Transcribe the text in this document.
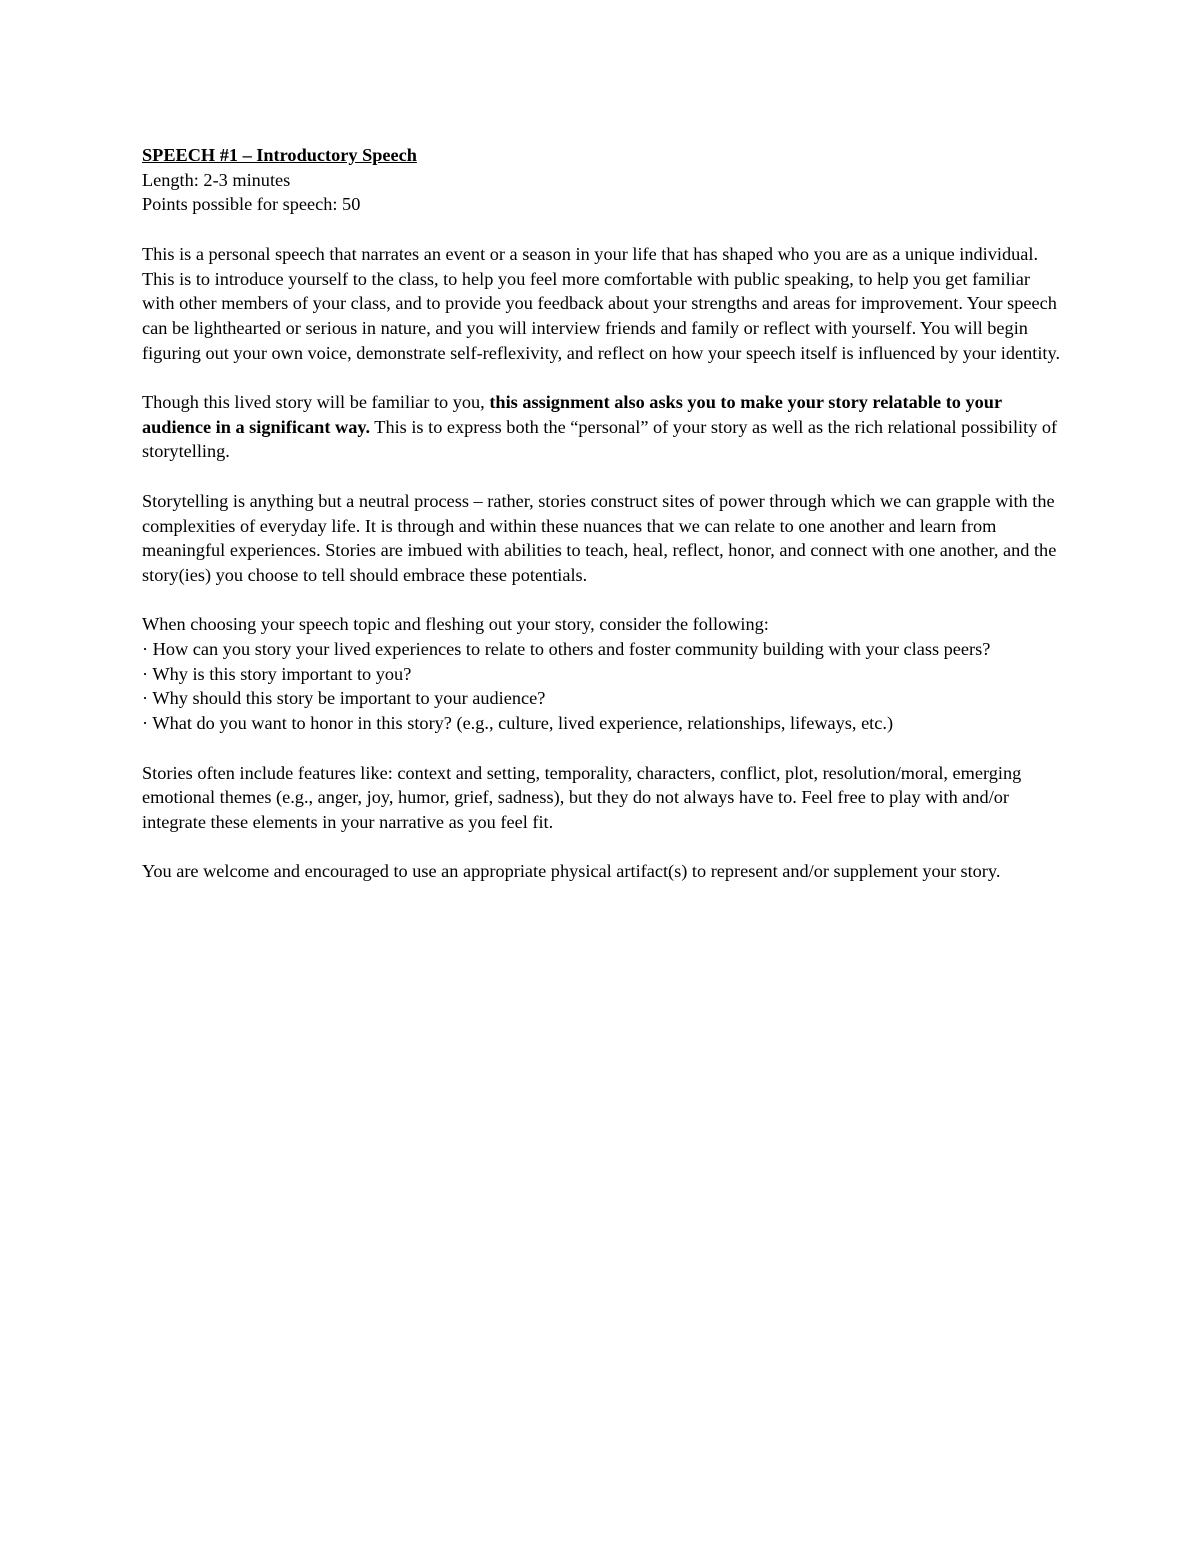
SPEECH #1 – Introductory Speech

Length: 2-3 minutes

Points possible for speech: 50

This is a personal speech that narrates an event or a season in your life that has shaped who you are as a unique individual. This is to introduce yourself to the class, to help you feel more comfortable with public speaking, to help you get familiar with other members of your class, and to provide you feedback about your strengths and areas for improvement. Your speech can be lighthearted or serious in nature, and you will interview friends and family or reflect with yourself. You will begin figuring out your own voice, demonstrate self-reflexivity, and reflect on how your speech itself is influenced by your identity.

Though this lived story will be familiar to you, this assignment also asks you to make your story relatable to your audience in a significant way. This is to express both the “personal” of your story as well as the rich relational possibility of storytelling.

Storytelling is anything but a neutral process – rather, stories construct sites of power through which we can grapple with the complexities of everyday life. It is through and within these nuances that we can relate to one another and learn from meaningful experiences. Stories are imbued with abilities to teach, heal, reflect, honor, and connect with one another, and the story(ies) you choose to tell should embrace these potentials.

When choosing your speech topic and fleshing out your story, consider the following:

· How can you story your lived experiences to relate to others and foster community building with your class peers?
· Why is this story important to you?
· Why should this story be important to your audience?
· What do you want to honor in this story? (e.g., culture, lived experience, relationships, lifeways, etc.)

Stories often include features like: context and setting, temporality, characters, conflict, plot, resolution/moral, emerging emotional themes (e.g., anger, joy, humor, grief, sadness), but they do not always have to. Feel free to play with and/or integrate these elements in your narrative as you feel fit.

You are welcome and encouraged to use an appropriate physical artifact(s) to represent and/or supplement your story.
